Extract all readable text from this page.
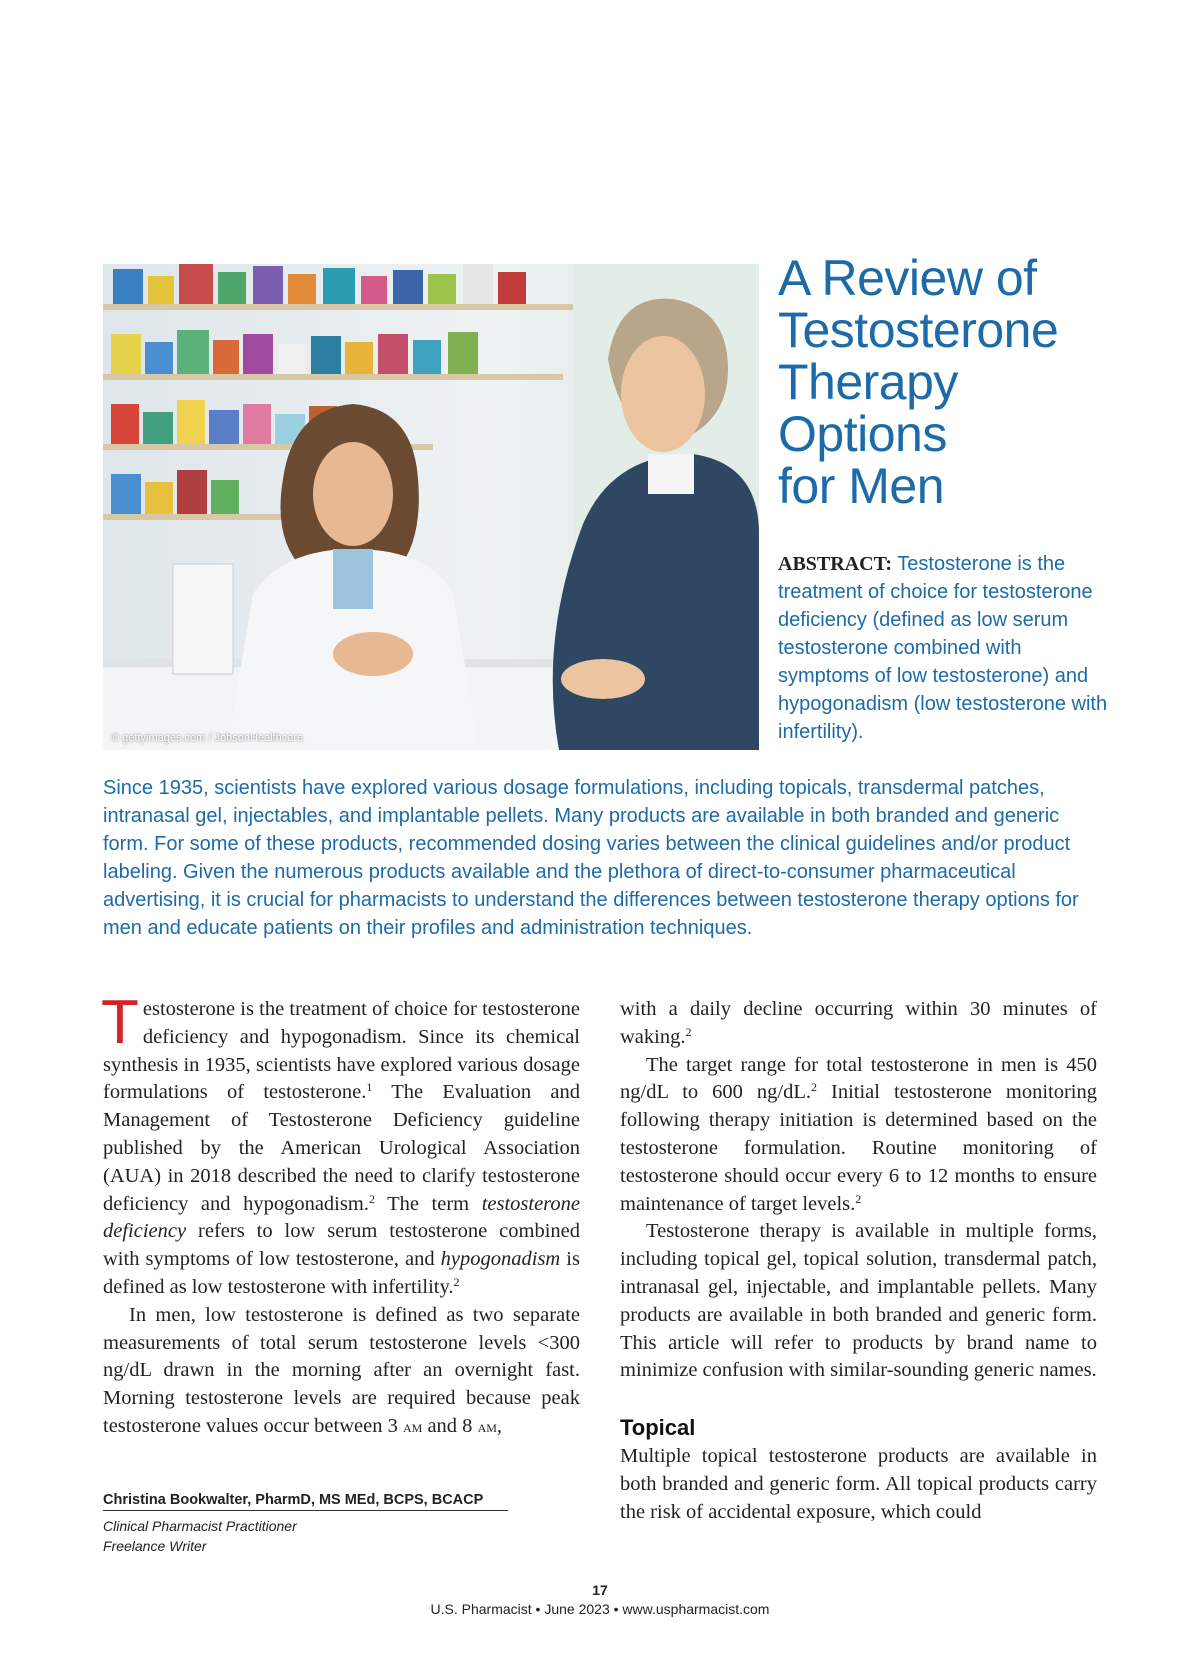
© gettyimages.com / JobsonHealthcare
A Review of
Testosterone
Therapy
Options
for Men
ABSTRACT: Testosterone is the treatment of choice for testosterone deficiency (defined as low serum testosterone combined with symptoms of low testosterone) and hypogonadism (low testosterone with infertility).
Since 1935, scientists have explored various dosage formulations, including topicals, transdermal patches, intranasal gel, injectables, and implantable pellets. Many products are available in both branded and generic form. For some of these products, recommended dosing varies between the clinical guidelines and/or product labeling. Given the numerous products available and the plethora of direct-to-consumer pharmaceutical advertising, it is crucial for pharmacists to understand the differences between testosterone therapy options for men and educate patients on their profiles and administration techniques.

Testosterone is the treatment of choice for testosterone deficiency and hypogonadism. Since its chemical synthesis in 1935, scientists have explored various dosage formulations of testosterone.$^1$ The Evaluation and Management of Testosterone Deficiency guideline published by the American Urological Association (AUA) in 2018 described the need to clarify testosterone deficiency and hypogonadism.$^2$ The term testosterone deficiency refers to low serum testosterone combined with symptoms of low testosterone, and hypogonadism is defined as low testosterone with infertility.$^2$

In men, low testosterone is defined as two separate measurements of total serum testosterone levels <300 ng/dL drawn in the morning after an overnight fast. Morning testosterone levels are required because peak testosterone values occur between 3 am and 8 am,

with a daily decline occurring within 30 minutes of waking.$^2$

The target range for total testosterone in men is 450 ng/dL to 600 ng/dL.$^2$ Initial testosterone monitoring following therapy initiation is determined based on the testosterone formulation. Routine monitoring of testosterone should occur every 6 to 12 months to ensure maintenance of target levels.$^2$

Testosterone therapy is available in multiple forms, including topical gel, topical solution, transdermal patch, intranasal gel, injectable, and implantable pellets. Many products are available in both branded and generic form. This article will refer to products by brand name to minimize confusion with similar-sounding generic names.

Topical

Multiple topical testosterone products are available in both branded and generic form. All topical products carry the risk of accidental exposure, which could

Christina Bookwalter, PharmD, MS MEd, BCPS, BCACP
Clinical Pharmacist Practitioner
Freelance Writer
17
U.S. Pharmacist • June 2023 • www.uspharmacist.com
